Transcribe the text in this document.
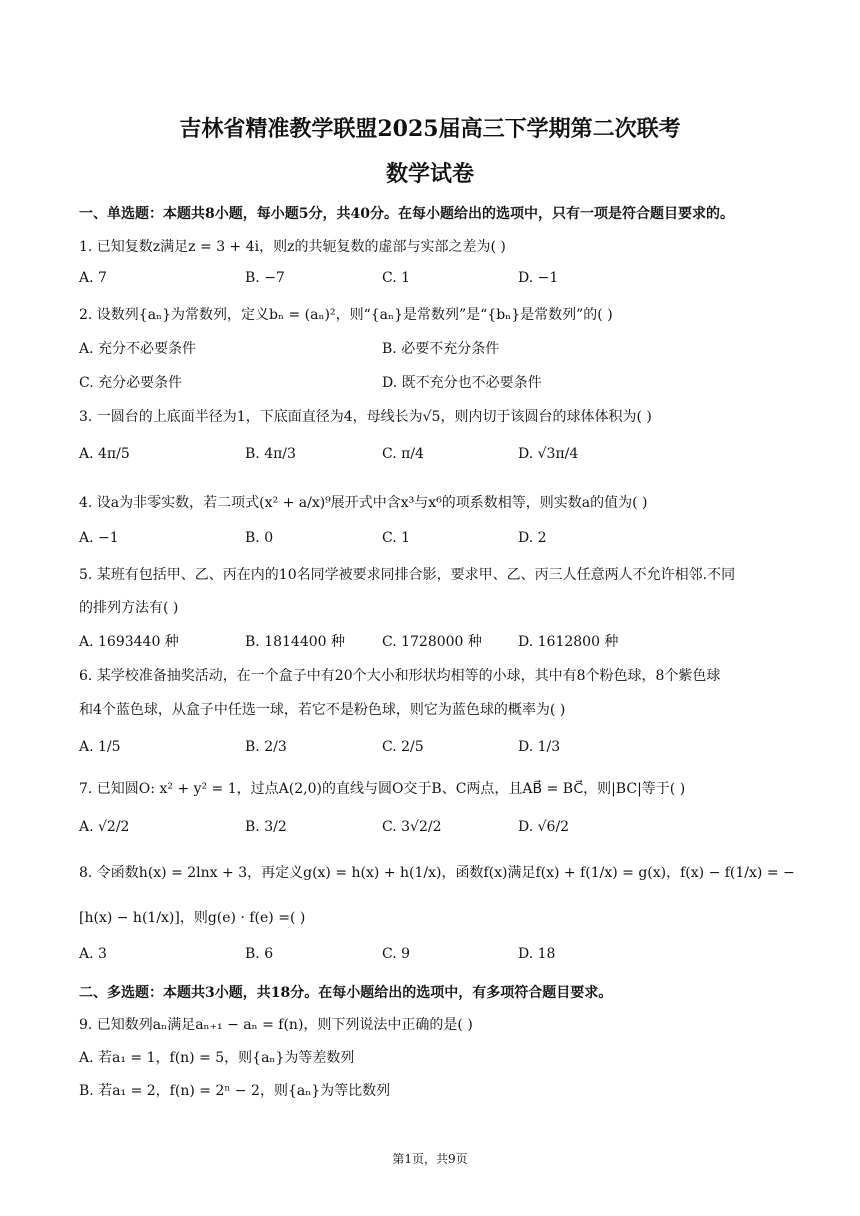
吉林省精准教学联盟2025届高三下学期第二次联考
数学试卷
一、单选题：本题共8小题，每小题5分，共40分。在每小题给出的选项中，只有一项是符合题目要求的。
1. 已知复数z满足z = 3 + 4i，则z的共轭复数的虚部与实部之差为( )
A. 7	B. −7	C. 1	D. −1
2. 设数列{aₙ}为常数列，定义bₙ = (aₙ)²，则“{aₙ}是常数列”是“{bₙ}是常数列”的( )
A. 充分不必要条件	B. 必要不充分条件
C. 充分必要条件	D. 既不充分也不必要条件
3. 一圆台的上底面半径为1，下底面直径为4，母线长为√5，则内切于该圆台的球体体积为( )
A. 4π/5	B. 4π/3	C. π/4	D. √3π/4
4. 设a为非零实数，若二项式(x² + a/x)⁹展开式中含x³与x⁶的项系数相等，则实数a的值为( )
A. −1	B. 0	C. 1	D. 2
5. 某班有包括甲、乙、丙在内的10名同学被要求同排合影，要求甲、乙、丙三人任意两人不允许相邻.不同
的排列方法有( )
A. 1693440 种	B. 1814400 种	C. 1728000 种	D. 1612800 种
6. 某学校准备抽奖活动，在一个盒子中有20个大小和形状均相等的小球，其中有8个粉色球，8个紫色球
和4个蓝色球，从盒子中任选一球，若它不是粉色球，则它为蓝色球的概率为( )
A. 1/5	B. 2/3	C. 2/5	D. 1/3
7. 已知圆O: x² + y² = 1，过点A(2,0)的直线与圆O交于B、C两点，且AB⃗ = BC⃗，则|BC|等于( )
A. √2/2	B. 3/2	C. 3√2/2	D. √6/2
8. 令函数h(x) = 2lnx + 3，再定义g(x) = h(x) + h(1/x)，函数f(x)满足f(x) + f(1/x) = g(x)，f(x) − f(1/x) = −
[h(x) − h(1/x)]，则g(e) · f(e) =( )
A. 3	B. 6	C. 9	D. 18
二、多选题：本题共3小题，共18分。在每小题给出的选项中，有多项符合题目要求。
9. 已知数列aₙ满足aₙ₊₁ − aₙ = f(n)，则下列说法中正确的是( )
A. 若a₁ = 1，f(n) = 5，则{aₙ}为等差数列
B. 若a₁ = 2，f(n) = 2ⁿ − 2，则{aₙ}为等比数列
第1页，共9页
